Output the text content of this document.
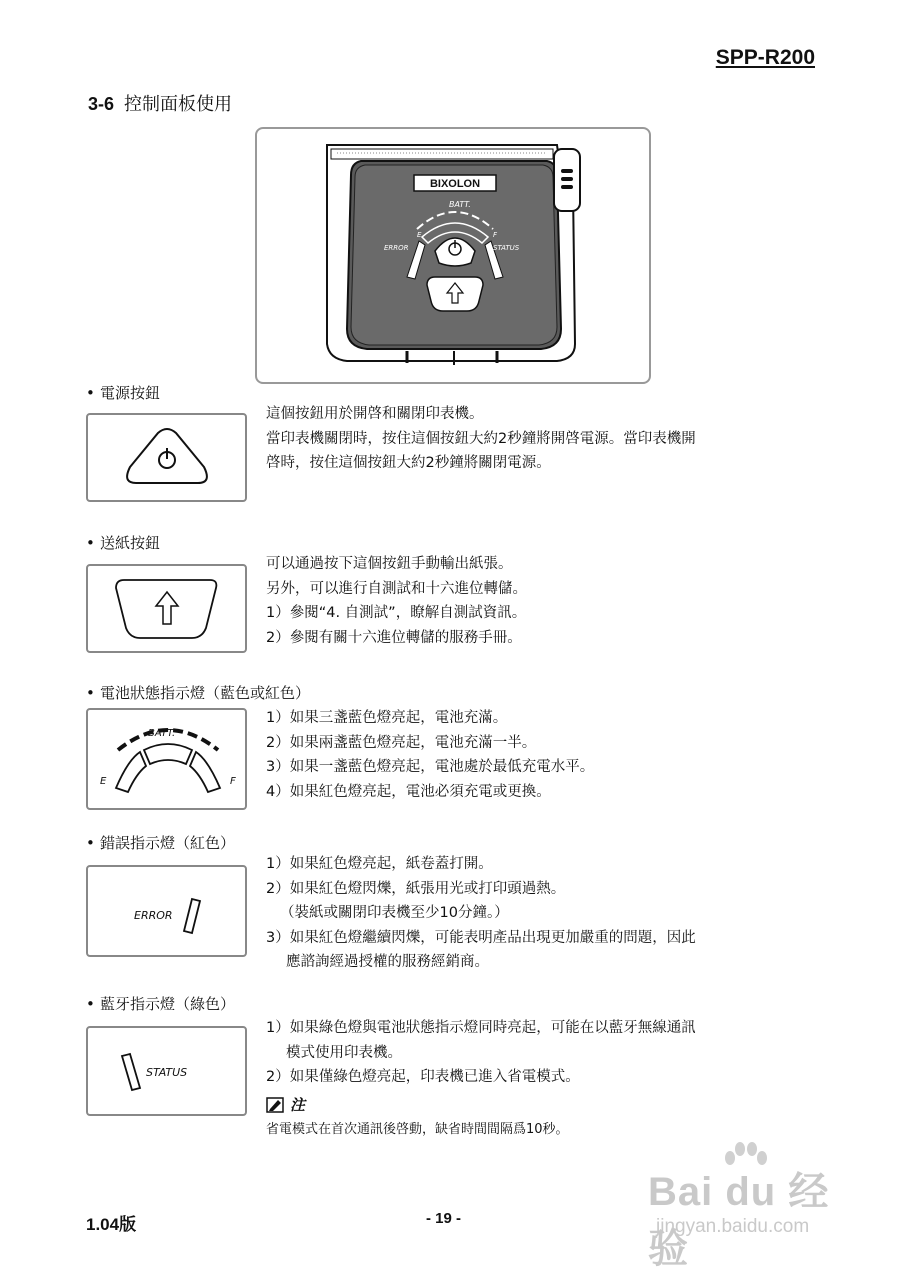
SPP-R200
3-6 控制面板使用
BIXOLON
BATT.
E	F
ERROR	STATUS
• 電源按鈕
這個按鈕用於開啓和關閉印表機。
當印表機關閉時，按住這個按鈕大約2秒鐘將開啓電源。當印表機開
啓時，按住這個按鈕大約2秒鐘將關閉電源。
• 送紙按鈕
可以通過按下這個按鈕手動輸出紙張。
另外，可以進行自測試和十六進位轉儲。
1）參閱“4. 自測試”，瞭解自測試資訊。
2）參閱有關十六進位轉儲的服務手冊。
• 電池狀態指示燈（藍色或紅色）
BATT.
E	F
1）如果三盞藍色燈亮起，電池充滿。
2）如果兩盞藍色燈亮起，電池充滿一半。
3）如果一盞藍色燈亮起，電池處於最低充電水平。
4）如果紅色燈亮起，電池必須充電或更換。
• 錯誤指示燈（紅色）
ERROR
1）如果紅色燈亮起，紙卷蓋打開。
2）如果紅色燈閃爍，紙張用光或打印頭過熱。
（裝紙或關閉印表機至少10分鐘。）
3）如果紅色燈繼續閃爍，可能表明產品出現更加嚴重的問題，因此
應諮詢經過授權的服務經銷商。
• 藍牙指示燈（綠色）
STATUS
1）如果綠色燈與電池狀態指示燈同時亮起，可能在以藍牙無線通訊
模式使用印表機。
2）如果僅綠色燈亮起，印表機已進入省電模式。
注
省電模式在首次通訊後啓動，缺省時間間隔爲10秒。
1.04版	- 19 -
Bai du 经验
jingyan.baidu.com
